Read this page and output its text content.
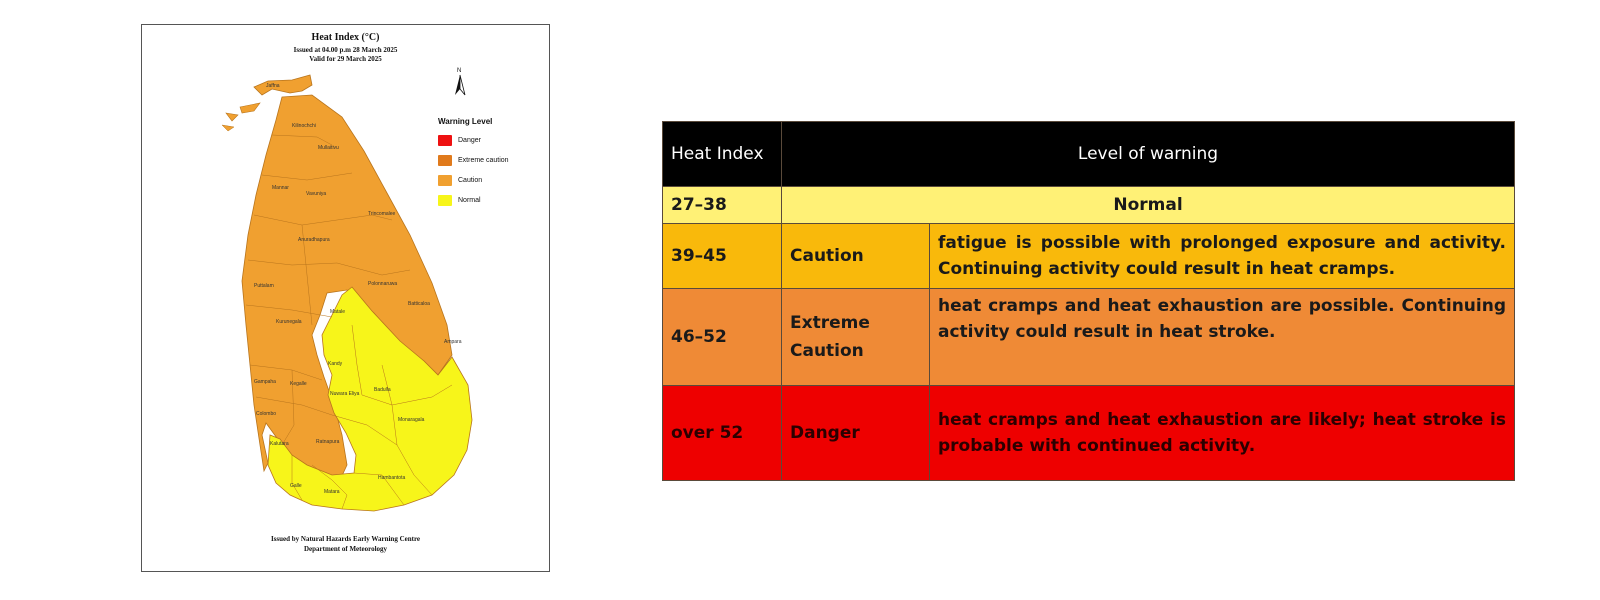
Heat Index (°C)
Issued at 04.00 p.m 28 March 2025
Valid for 29 March 2025
N
Warning Level
Danger
Extreme caution
Caution
Normal
Jaffna
Kilinochchi
Mullaitivu
Mannar
Vavuniya
Trincomalee
Anuradhapura
Puttalam	Polonnaruwa
Batticaloa
Kurunegala
Matale
Kandy
Ampara
Gampaha	Kegalle
Nuwara Eliya
Badulla
Colombo
Monaragala
Kalutara	Ratnapura
Hambantota
Galle
Matara
Issued by Natural Hazards Early Warning Centre
Department of Meteorology
Heat Index	Level of warning	
27–38	Normal	
39–45	Caution	fatigue is possible with prolonged exposure and activity. Continuing activity could result in heat cramps.
46–52	Extreme Caution	heat cramps and heat exhaustion are possible. Continuing activity could result in heat stroke.
over 52	Danger	heat cramps and heat exhaustion are likely; heat stroke is probable with continued activity.
